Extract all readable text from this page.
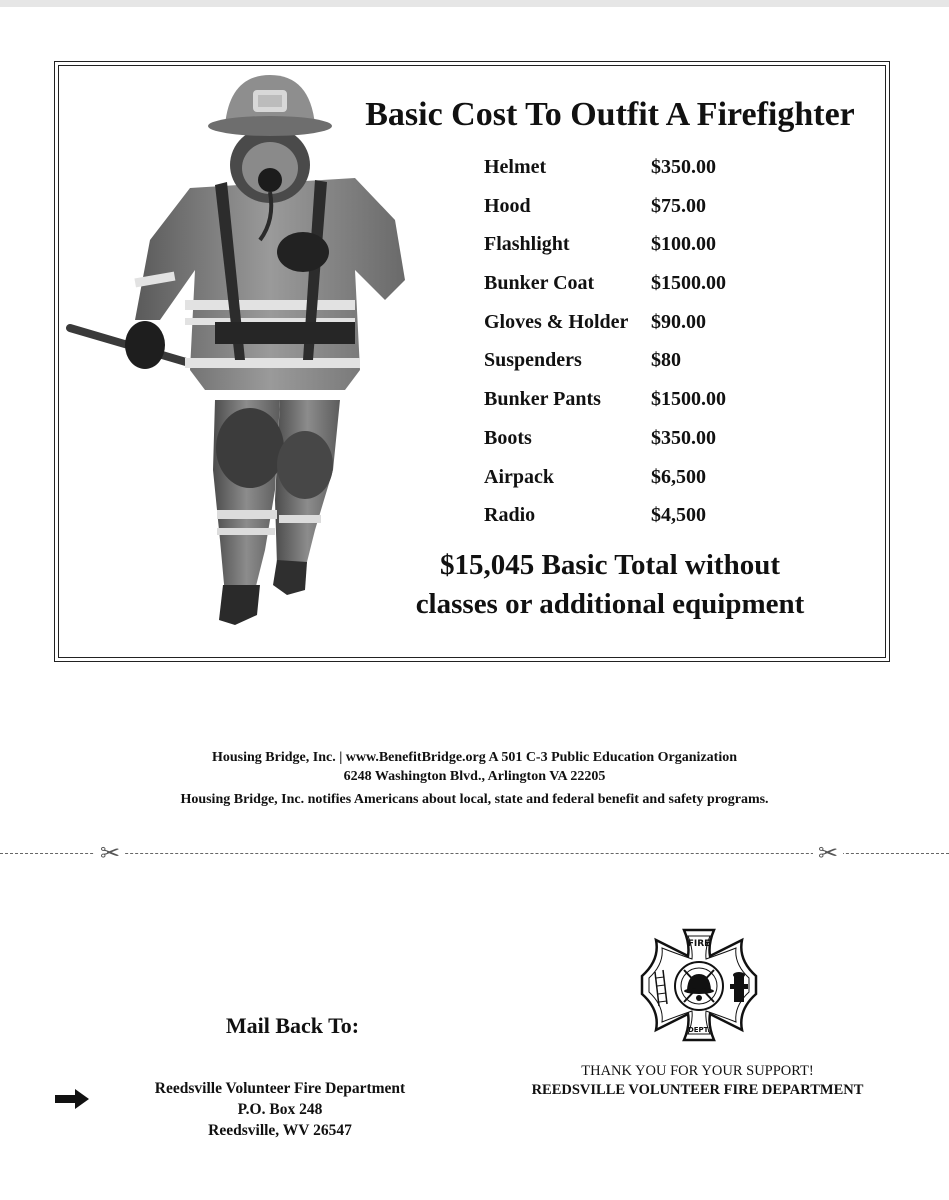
Basic Cost To Outfit A Firefighter
Helmet	$350.00
Hood	$75.00
Flashlight	$100.00
Bunker Coat	$1500.00
Gloves & Holder $90.00
Suspenders	$80
Bunker Pants	$1500.00
Boots	$350.00
Airpack	$6,500
Radio	$4,500
$15,045 Basic Total without
classes or additional equipment
Housing Bridge, Inc. | www.BenefitBridge.org A 501 C-3 Public Education Organization
6248 Washington Blvd., Arlington VA 22205
Housing Bridge, Inc. notifies Americans about local, state and federal benefit and safety programs.
✂	✂
Mail Back To:
Reedsville Volunteer Fire Department
P.O. Box 248
Reedsville, WV 26547
FIRE
DEPT.
THANK YOU FOR YOUR SUPPORT!
REEDSVILLE VOLUNTEER FIRE DEPARTMENT
